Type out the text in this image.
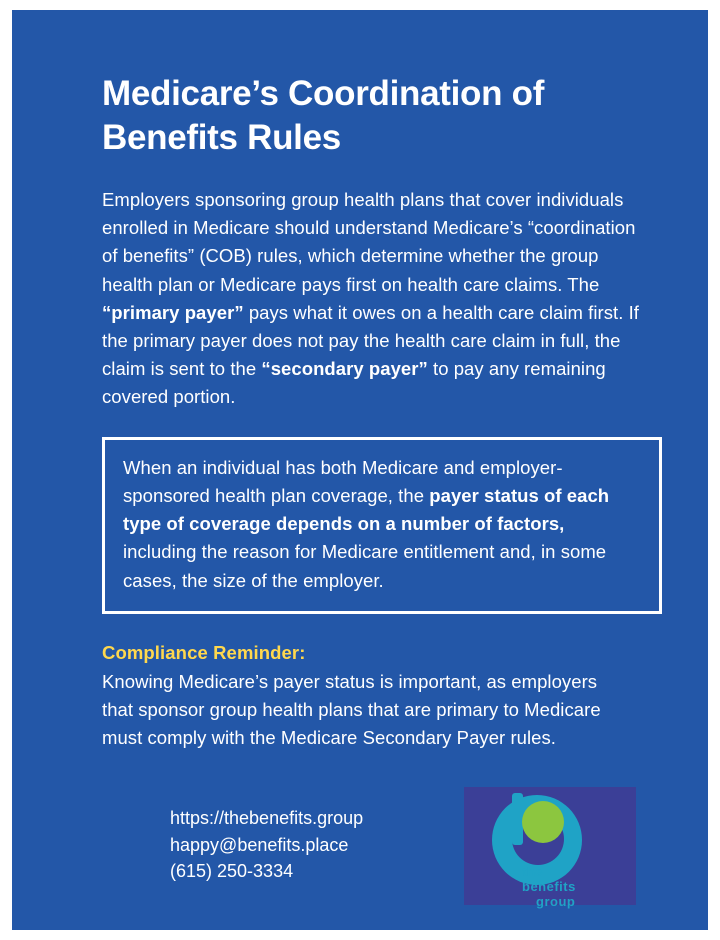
Medicare’s Coordination of Benefits Rules

Employers sponsoring group health plans that cover individuals enrolled in Medicare should understand Medicare’s “coordination of benefits” (COB) rules, which determine whether the group health plan or Medicare pays first on health care claims. The “primary payer” pays what it owes on a health care claim first. If the primary payer does not pay the health care claim in full, the claim is sent to the “secondary payer” to pay any remaining covered portion.

When an individual has both Medicare and employer-sponsored health plan coverage, the payer status of each type of coverage depends on a number of factors, including the reason for Medicare entitlement and, in some cases, the size of the employer.

Compliance Reminder:

Knowing Medicare’s payer status is important, as employers that sponsor group health plans that are primary to Medicare must comply with the Medicare Secondary Payer rules.

https://thebenefits.group
happy@benefits.place
(615) 250-3334	the
benefits
group
